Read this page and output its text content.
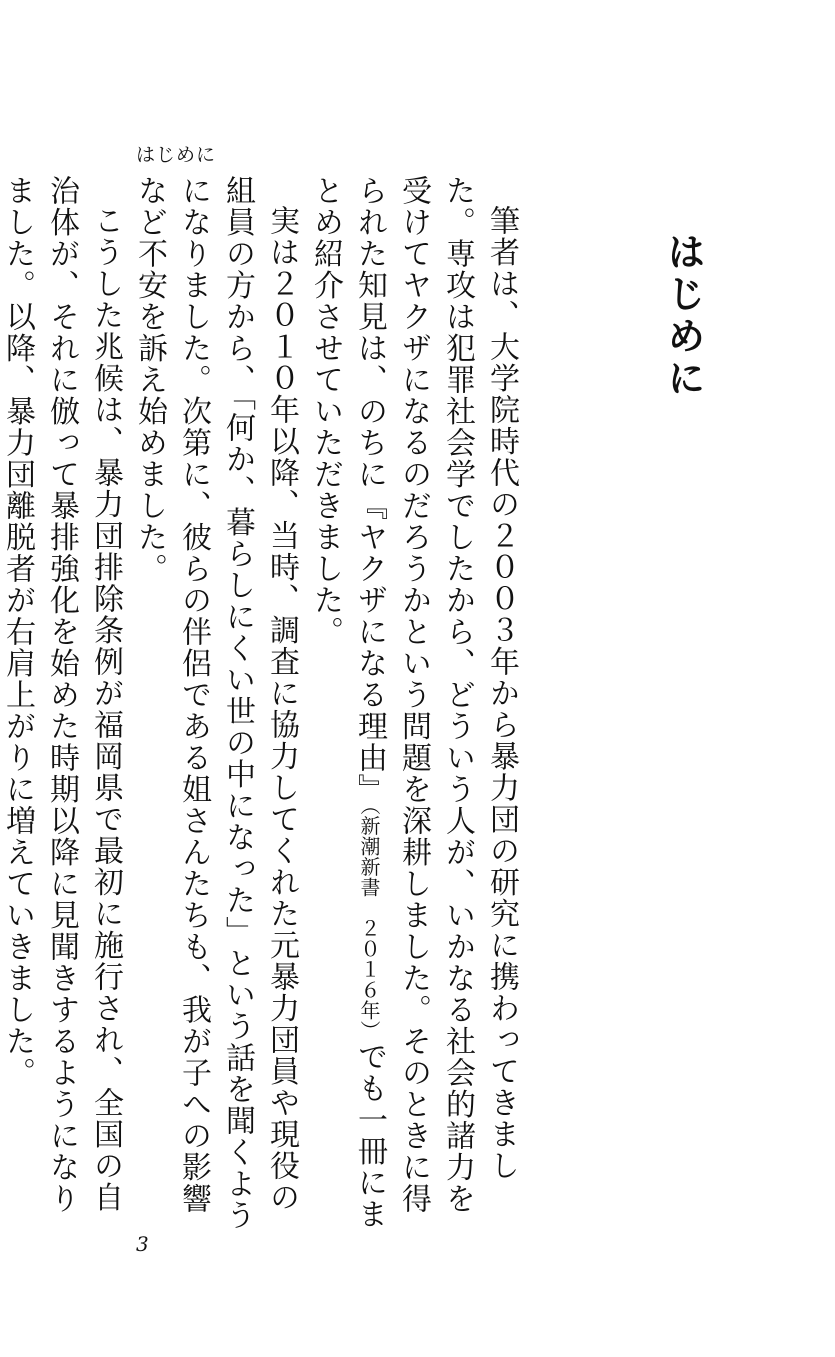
はじめに
はじめに

筆者は、大学院時代の２００３年から暴力団の研究に携わってきました。専攻は犯罪社会学でしたから、どういう人が、いかなる社会的諸力を受けてヤクザになるのだろうかという問題を深耕しました。そのときに得られた知見は、のちに『ヤクザになる理由』（新潮新書　２０１６年）でも一冊にまとめ紹介させていただきました。

実は２０１０年以降、当時、調査に協力してくれた元暴力団員や現役の組員の方から、「何か、暮らしにくい世の中になった」という話を聞くようになりました。次第に、彼らの伴侶である姐さんたちも、我が子への影響など不安を訴え始めました。

こうした兆候は、暴力団排除条例が福岡県で最初に施行され、全国の自治体が、それに倣って暴排強化を始めた時期以降に見聞きするようになりました。以降、暴力団離脱者が右肩上がりに増えていきました。

3
